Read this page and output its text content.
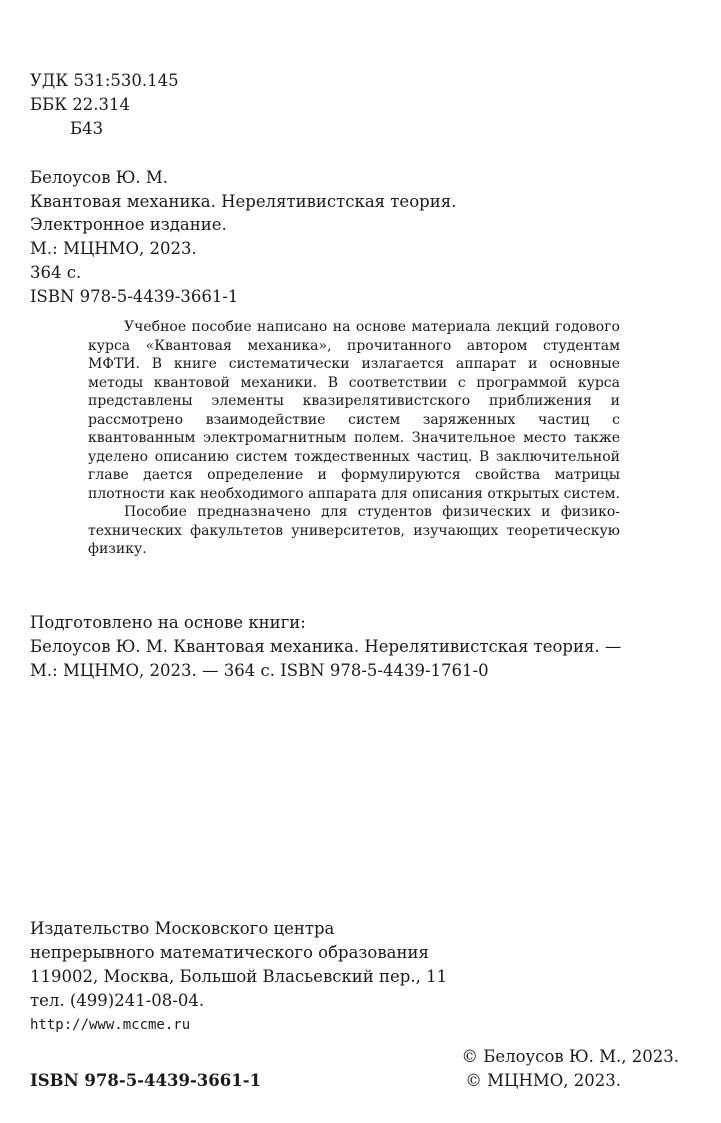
УДК 531:530.145
ББК 22.314
Б43
Белоусов Ю. М.
Квантовая механика. Нерелятивистская теория.
Электронное издание.
М.: МЦНМО, 2023.
364 с.
ISBN 978-5-4439-3661-1

Учебное пособие написано на основе материала лекций годового курса «Квантовая механика», прочитанного автором студентам МФТИ. В книге систематически излагается аппарат и основные методы квантовой механики. В соответствии с программой курса представлены элементы квазирелятивистского приближения и рассмотрено взаимодействие систем заряженных частиц с квантованным электромагнитным полем. Значительное место также уделено описанию систем тождественных частиц. В заключительной главе дается определение и формулируются свойства матрицы плотности как необходимого аппарата для описания открытых систем.

Пособие предназначено для студентов физических и физико-техничеcких факультетов университетов, изучающих теоретическую физику.

Подготовлено на основе книги:
Белоусов Ю. М. Квантовая механика. Нерелятивистская теория. —
М.: МЦНМО, 2023. — 364 с. ISBN 978-5-4439-1761-0
Издательство Московского центра
непрерывного математического образования
119002, Москва, Большой Власьевский пер., 11
тел. (499)241-08-04.
http://www.mccme.ru
ISBN 978-5-4439-3661-1
© Белоусов Ю. М., 2023.
© МЦНМО, 2023.
